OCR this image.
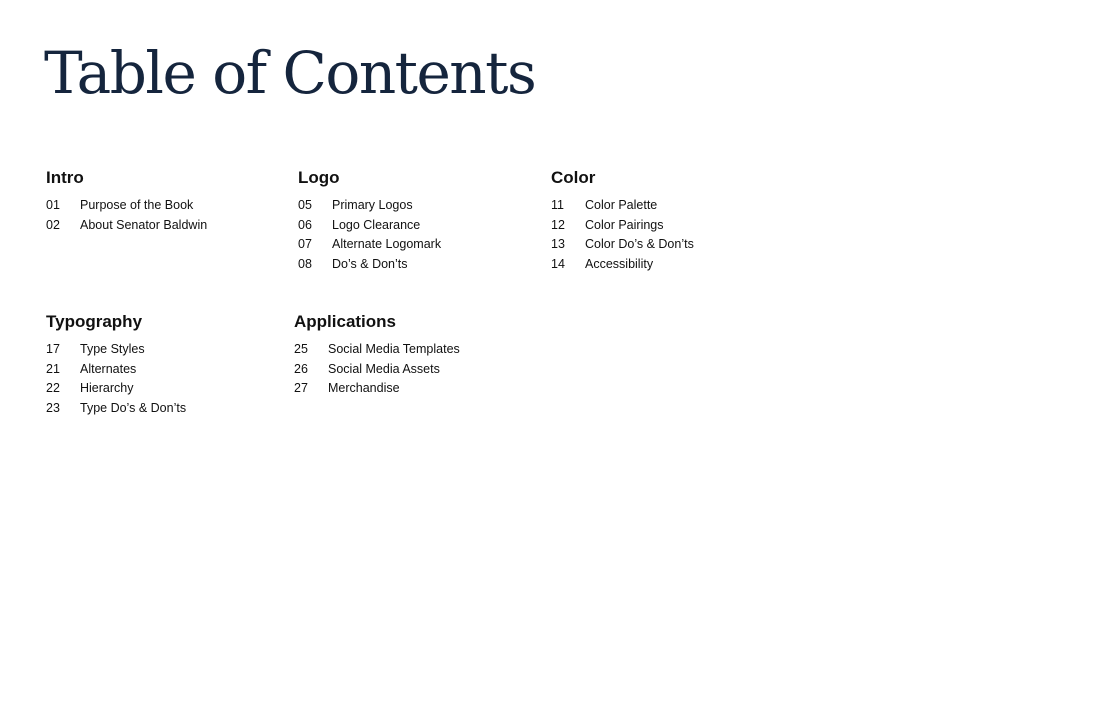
Table of Contents
Intro
01	Purpose of the Book
02	About Senator Baldwin
Logo
05	Primary Logos
06	Logo Clearance
07	Alternate Logomark
08	Do’s & Don’ts
Color
11	Color Palette
12	Color Pairings
13	Color Do’s & Don’ts
14	Accessibility
Typography
17	Type Styles
21	Alternates
22	Hierarchy
23	Type Do’s & Don’ts
Applications
25	Social Media Templates
26	Social Media Assets
27	Merchandise
